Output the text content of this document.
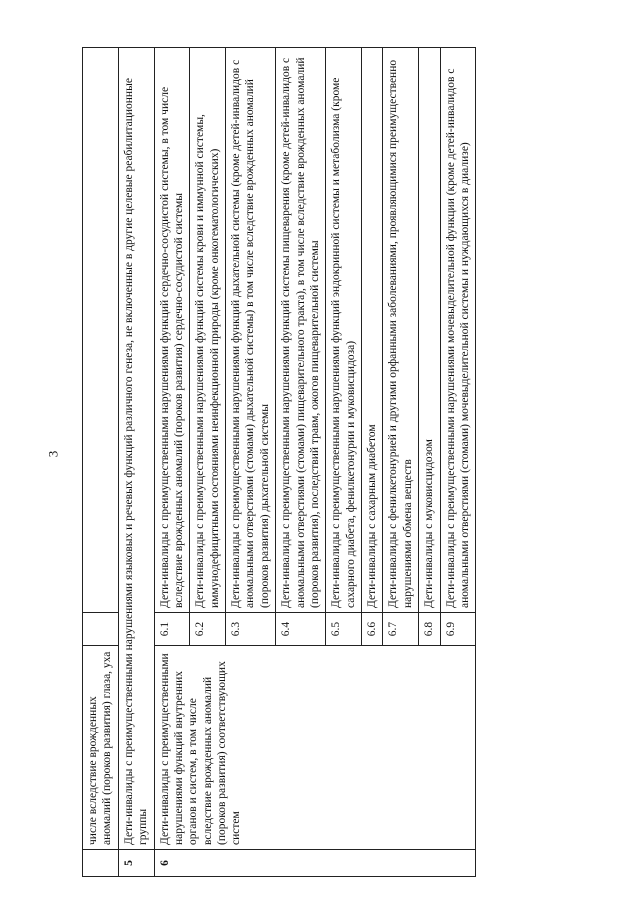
3
	числе вследствие врожденных аномалий (пороков развития) глаза, уха		
5	Дети-инвалиды с преимущественными нарушениями языковых и речевых функций различного генеза, не включенные в другие целевые реабилитационные группы		
6	Дети-инвалиды с преимущественными нарушениями функций внутренних органов и систем, в том числе вследствие врожденных аномалий (пороков развития) соответствующих систем	6.1	Дети-инвалиды с преимущественными нарушениями функций сердечно-сосудистой системы, в том числе вследствие врожденных аномалий (пороков развития) сердечно-сосудистой системы
		6.2	Дети-инвалиды с преимущественными нарушениями функций системы крови и иммунной системы, иммунодефицитными состояниями неинфекционной природы (кроме онкогематологических)
		6.3	Дети-инвалиды с преимущественными нарушениями функций дыхательной системы (кроме детей-инвалидов с аномальными отверстиями (стомами) дыхательной системы) в том числе вследствие врожденных аномалий (пороков развития) дыхательной системы
		6.4	Дети-инвалиды с преимущественными нарушениями функций системы пищеварения (кроме детей-инвалидов с аномальными отверстиями (стомами) пищеварительного тракта), в том числе вследствие врожденных аномалий (пороков развития), последствий травм, ожогов пищеварительной системы
		6.5	Дети-инвалиды с преимущественными нарушениями функций эндокринной системы и метаболизма (кроме сахарного диабета, фенилкетонурии и муковисцидоза)
		6.6	Дети-инвалиды с сахарным диабетом
		6.7	Дети-инвалиды с фенилкетонурией и другими орфанными заболеваниями, проявляющимися преимущественно нарушениями обмена веществ
		6.8	Дети-инвалиды с муковисцидозом
		6.9	Дети-инвалиды с преимущественными нарушениями мочевыделительной функции (кроме детей-инвалидов с аномальными отверстиями (стомами) мочевыделительной системы и нуждающихся в диализе)
